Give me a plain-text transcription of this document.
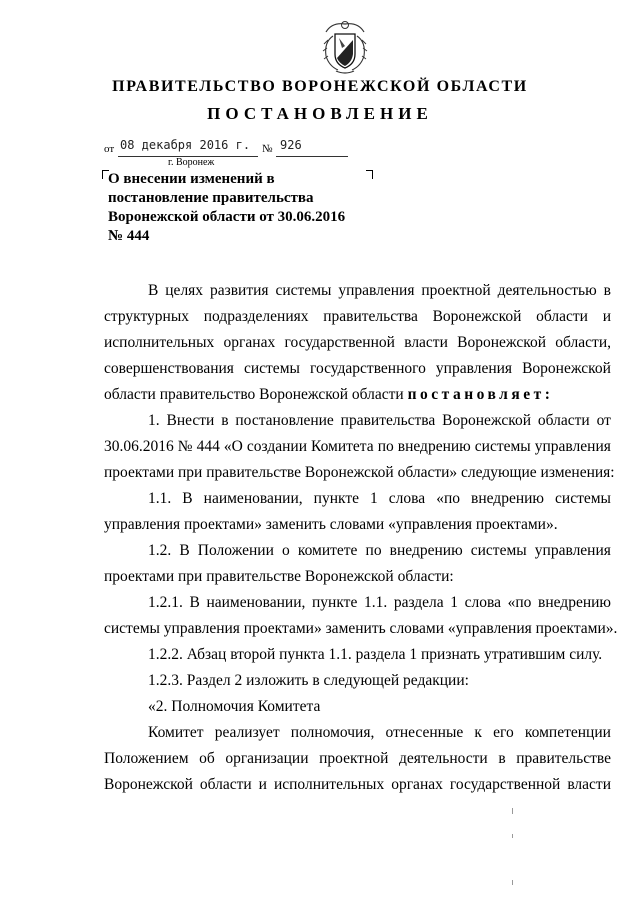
ПРАВИТЕЛЬСТВО ВОРОНЕЖСКОЙ ОБЛАСТИ
ПОСТАНОВЛЕНИЕ
от 08 декабря 2016 г. № 926
г. Воронеж
О внесении изменений в
постановление правительства
Воронежской области от 30.06.2016
№ 444
В целях развития системы управления проектной деятельностью в
структурных подразделениях правительства Воронежской области и
исполнительных органах государственной власти Воронежской области,
совершенствования системы государственного управления Воронежской
области правительство Воронежской области постановляет:
1. Внести в постановление правительства Воронежской области от
30.06.2016 № 444 «О создании Комитета по внедрению системы управления
проектами при правительстве Воронежской области» следующие изменения:
1.1. В наименовании, пункте 1 слова «по внедрению системы
управления проектами» заменить словами «управления проектами».
1.2. В Положении о комитете по внедрению системы управления
проектами при правительстве Воронежской области:
1.2.1. В наименовании, пункте 1.1. раздела 1 слова «по внедрению
системы управления проектами» заменить словами «управления проектами».
1.2.2. Абзац второй пункта 1.1. раздела 1 признать утратившим силу.
1.2.3. Раздел 2 изложить в следующей редакции:
«2. Полномочия Комитета
Комитет реализует полномочия, отнесенные к его компетенции
Положением об организации проектной деятельности в правительстве
Воронежской области и исполнительных органах государственной власти
